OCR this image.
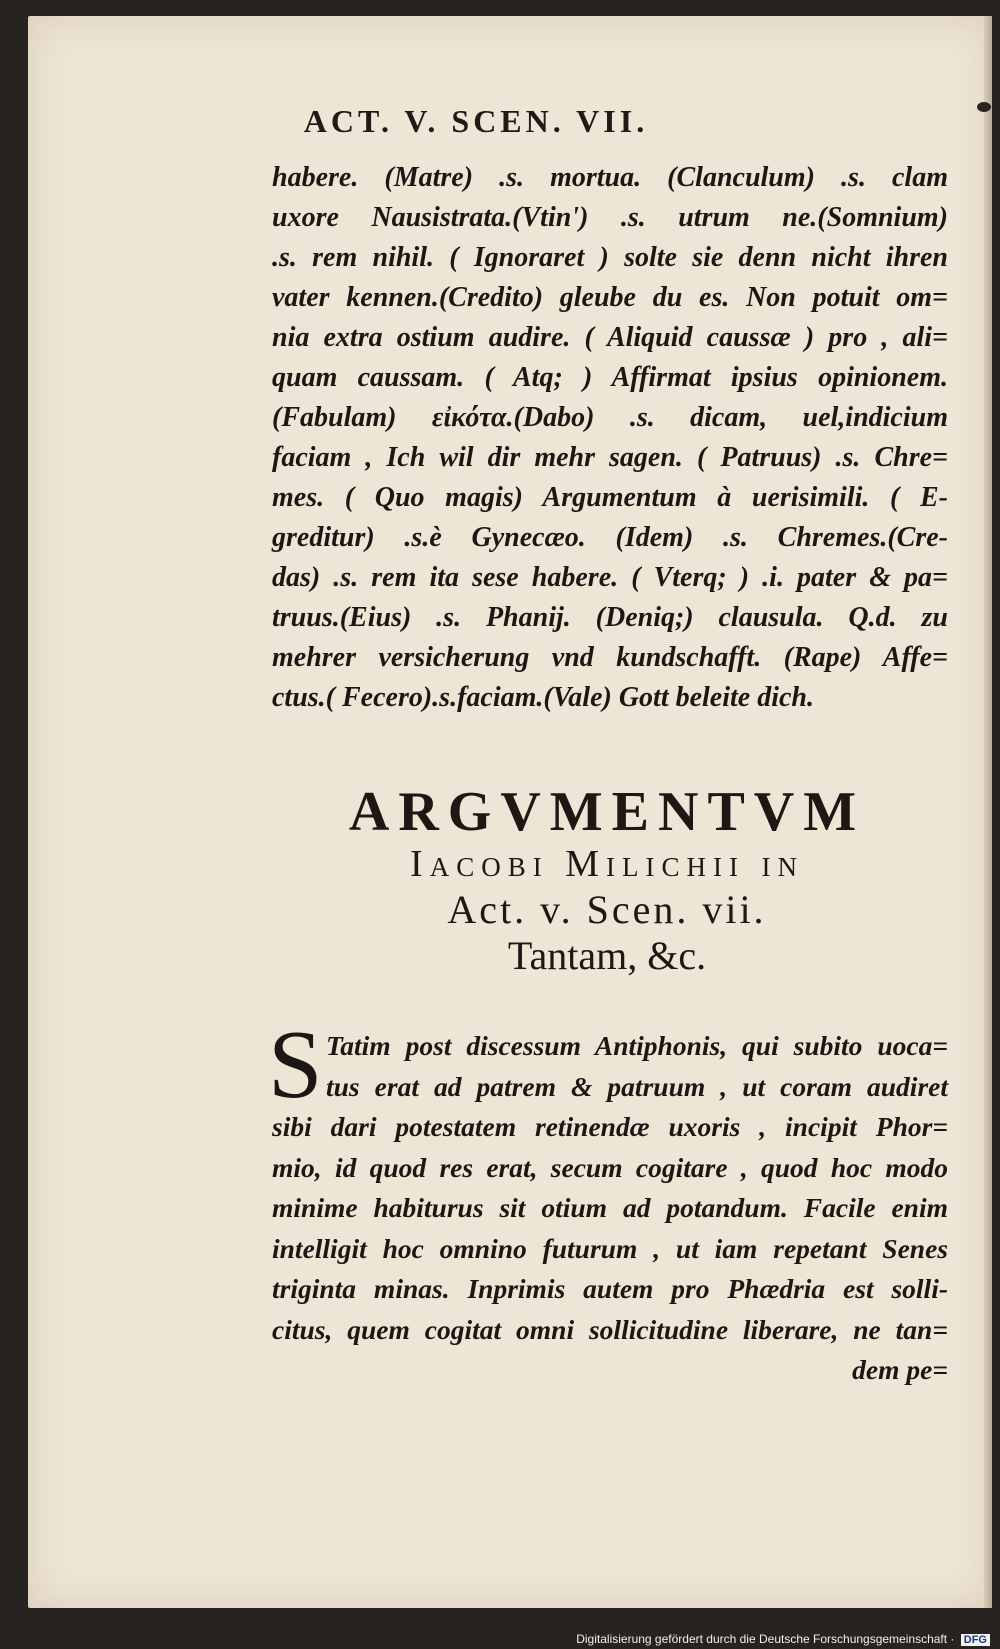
ACT. V. SCEN. VII.
habere. (Matre) .s. mortua. (Clanculum) .s. clam
uxore Nausistrata.(Vtin') .s. utrum ne.(Somnium)
.s. rem nihil. ( Ignoraret ) solte sie denn nicht ihren
vater kennen.(Credito) gleube du es. Non potuit om=
nia extra ostium audire. ( Aliquid caussæ ) pro , ali=
quam caussam. ( Atq; ) Affirmat ipsius opinionem.
(Fabulam) εἰκότα.(Dabo) .s. dicam, uel,indicium
faciam , Ich wil dir mehr sagen. ( Patruus) .s. Chre=
mes. ( Quo magis) Argumentum à uerisimili. ( E-
greditur) .s.è Gynecæo. (Idem) .s. Chremes.(Cre-
das) .s. rem ita sese habere. ( Vterq; ) .i. pater & pa=
truus.(Eius) .s. Phanij. (Deniq;) clausula. Q.d. zu
mehrer versicherung vnd kundschafft. (Rape) Affe=
ctus.( Fecero).s.faciam.(Vale) Gott beleite dich.
ARGVMENTVM
Iacobi Milichii in
Act. v. Scen. vii.
Tantam, &c.
S Tatim post discessum Antiphonis, qui subito uoca=
tus erat ad patrem & patruum , ut coram audiret
sibi dari potestatem retinendæ uxoris , incipit Phor=
mio, id quod res erat, secum cogitare , quod hoc modo
minime habiturus sit otium ad potandum. Facile enim
intelligit hoc omnino futurum , ut iam repetant Senes
triginta minas. Inprimis autem pro Phædria est solli-
citus, quem cogitat omni sollicitudine liberare, ne tan=
dem pe=
Digitalisierung gefördert durch die Deutsche Forschungsgemeinschaft · DFG
